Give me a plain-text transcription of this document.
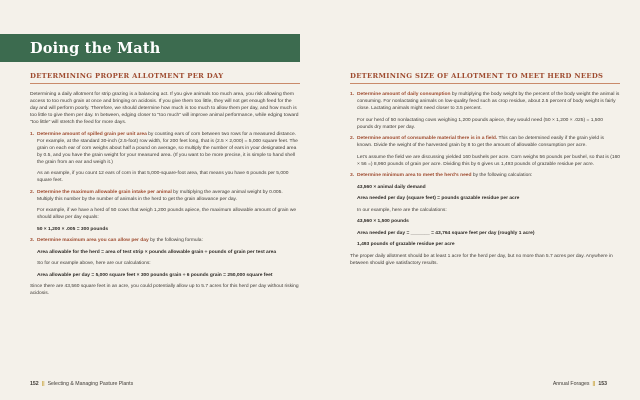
Doing the Math
DETERMINING PROPER ALLOTMENT PER DAY

Determining a daily allotment for strip grazing is a balancing act. If you give animals too much area, you risk allowing them access to too much grain at once and bringing on acidosis. If you give them too little, they will not get enough feed for the day and will perform poorly. Therefore, we should determine how much is too much to allow them per day, and how much is too little to give them per day. In between, edging closer to "too much" will improve animal performance, while edging toward "too little" will stretch the feed for more days.

1. Determine amount of spilled grain per unit area by counting ears of corn between two rows for a measured distance. For example, at the standard 30-inch (2.5-foot) row width, for 200 feet long, that is (2.5 × 2,000) = 5,000 square feet. The grain on each ear of corn weighs about half a pound on average, so multiply the number of ears in your designated area by 0.5, and you have the grain weight for your measured area. (If you want to be more precise, it is simple to hand shell the grain from an ear and weigh it.)

As an example, if you count 12 ears of corn in that 5,000-square-foot area, that means you have 6 pounds per 5,000 square feet.

2. Determine the maximum allowable grain intake per animal by multiplying the average animal weight by 0.005. Multiply this number by the number of animals in the herd to get the grain allowance per day.

For example, if we have a herd of 50 cows that weigh 1,200 pounds apiece, the maximum allowable amount of grain we should allow per day equals:

50 × 1,200 × .005 = 300 pounds

3. Determine maximum area you can allow per day by the following formula:

Area allowable for the herd = area of test strip × pounds allowable grain ÷ pounds of grain per test area

So for our example above, here are our calculations:

Area allowable per day = 5,000 square feet × 300 pounds grain ÷ 6 pounds grain = 250,000 square feet

Since there are 43,560 square feet in an acre, you could potentially allow up to 5.7 acres for this herd per day without risking acidosis.

152 || Selecting & Managing Pasture Plants
DETERMINING SIZE OF ALLOTMENT TO MEET HERD NEEDS
1. Determine amount of daily consumption by multiplying the body weight by the percent of the body weight the animal is consuming. For nonlactating animals on low-quality feed such as crop residue, about 2.5 percent of body weight is fairly close. Lactating animals might need closer to 3.5 percent.

For our herd of 50 nonlactating cows weighing 1,200 pounds apiece, they would need (50 × 1,200 × .025) = 1,500 pounds dry matter per day.

2. Determine amount of consumable material there is in a field. This can be determined easily if the grain yield is known. Divide the weight of the harvested grain by 8 to get the amount of allowable consumption per acre.

Let's assume the field we are discussing yielded 160 bushels per acre. Corn weighs 56 pounds per bushel, so that is (160 × 56 =) 8,960 pounds of grain per acre. Dividing this by 6 gives us 1,493 pounds of grazable residue per acre.

3. Determine minimum area to meet the herd's need by the following calculation:

43,560 × animal daily demand

Area needed per day (square feet) = pounds grazable residue per acre

In our example, here are the calculations:

43,560 × 1,500 pounds

Area needed per day = _______ = 43,764 square feet per day (roughly 1 acre)

1,493 pounds of grazable residue per acre

The proper daily allotment should be at least 1 acre for the herd per day, but no more than 5.7 acres per day. Anywhere in between should give satisfactory results.

Annual Forages || 153
